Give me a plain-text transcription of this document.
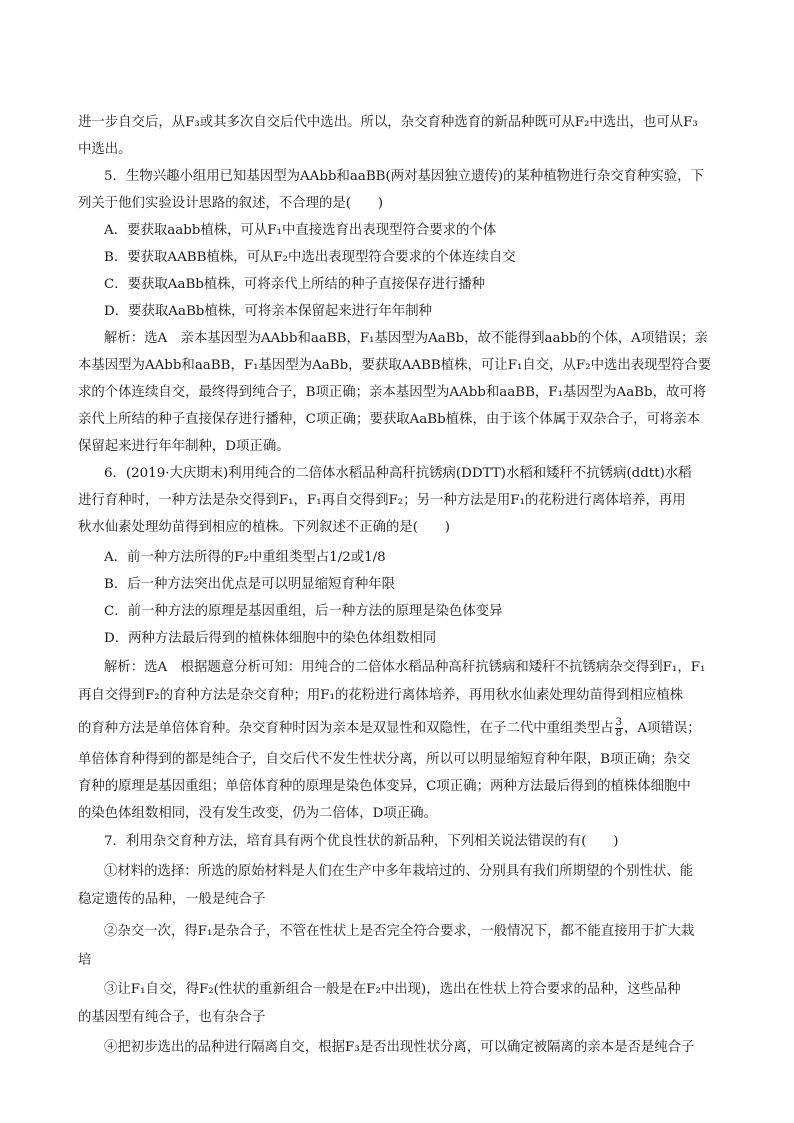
进一步自交后，从F₃或其多次自交后代中选出。所以，杂交育种选育的新品种既可从F₂中选出，也可从F₃
中选出。
5．生物兴趣小组用已知基因型为AAbb和aaBB(两对基因独立遗传)的某种植物进行杂交育种实验，下
列关于他们实验设计思路的叙述，不合理的是(　　)
A．要获取aabb植株，可从F₁中直接选育出表现型符合要求的个体
B．要获取AABB植株，可从F₂中选出表现型符合要求的个体连续自交
C．要获取AaBb植株，可将亲代上所结的种子直接保存进行播种
D．要获取AaBb植株，可将亲本保留起来进行年年制种
解析：选A　亲本基因型为AAbb和aaBB，F₁基因型为AaBb，故不能得到aabb的个体，A项错误；亲
本基因型为AAbb和aaBB，F₁基因型为AaBb，要获取AABB植株，可让F₁自交，从F₂中选出表现型符合要
求的个体连续自交，最终得到纯合子，B项正确；亲本基因型为AAbb和aaBB，F₁基因型为AaBb，故可将
亲代上所结的种子直接保存进行播种，C项正确；要获取AaBb植株，由于该个体属于双杂合子，可将亲本
保留起来进行年年制种，D项正确。
6．(2019·大庆期末)利用纯合的二倍体水稻品种高秆抗锈病(DDTT)水稻和矮秆不抗锈病(ddtt)水稻
进行育种时，一种方法是杂交得到F₁，F₁再自交得到F₂；另一种方法是用F₁的花粉进行离体培养，再用
秋水仙素处理幼苗得到相应的植株。下列叙述不正确的是(　　)
A．前一种方法所得的F₂中重组类型占1/2或1/8
B．后一种方法突出优点是可以明显缩短育种年限
C．前一种方法的原理是基因重组，后一种方法的原理是染色体变异
D．两种方法最后得到的植株体细胞中的染色体组数相同
解析：选A　根据题意分析可知：用纯合的二倍体水稻品种高秆抗锈病和矮秆不抗锈病杂交得到F₁，F₁
再自交得到F₂的育种方法是杂交育种；用F₁的花粉进行离体培养，再用秋水仙素处理幼苗得到相应植株
的育种方法是单倍体育种。杂交育种时因为亲本是双显性和双隐性，在子二代中重组类型占 $\frac{3}{8}$ ，A项错误；
单倍体育种得到的都是纯合子，自交后代不发生性状分离，所以可以明显缩短育种年限，B项正确；杂交
育种的原理是基因重组；单倍体育种的原理是染色体变异，C项正确；两种方法最后得到的植株体细胞中
的染色体组数相同，没有发生改变，仍为二倍体，D项正确。
7．利用杂交育种方法，培育具有两个优良性状的新品种，下列相关说法错误的有(　　)
①材料的选择：所选的原始材料是人们在生产中多年栽培过的、分别具有我们所期望的个别性状、能
稳定遗传的品种，一般是纯合子
②杂交一次，得F₁是杂合子，不管在性状上是否完全符合要求，一般情况下，都不能直接用于扩大栽
培
③让F₁自交，得F₂(性状的重新组合一般是在F₂中出现)，选出在性状上符合要求的品种，这些品种
的基因型有纯合子，也有杂合子
④把初步选出的品种进行隔离自交，根据F₃是否出现性状分离，可以确定被隔离的亲本是否是纯合子
